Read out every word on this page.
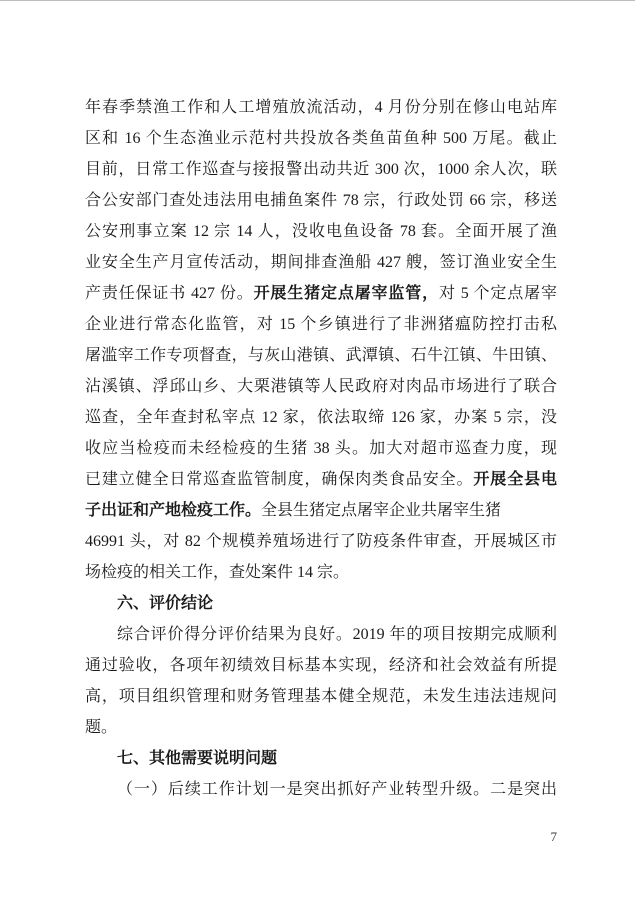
年春季禁渔工作和人工增殖放流活动，4 月份分别在修山电站库
区和 16 个生态渔业示范村共投放各类鱼苗鱼种 500 万尾。截止
目前，日常工作巡查与接报警出动共近 300 次，1000 余人次，联
合公安部门查处违法用电捕鱼案件 78 宗，行政处罚 66 宗，移送
公安刑事立案 12 宗 14 人，没收电鱼设备 78 套。全面开展了渔
业安全生产月宣传活动，期间排查渔船 427 艘，签订渔业安全生
产责任保证书 427 份。开展生猪定点屠宰监管，对 5 个定点屠宰
企业进行常态化监管，对 15 个乡镇进行了非洲猪瘟防控打击私
屠滥宰工作专项督查，与灰山港镇、武潭镇、石牛江镇、牛田镇、
沾溪镇、浮邱山乡、大栗港镇等人民政府对肉品市场进行了联合
巡查，全年查封私宰点 12 家，依法取缔 126 家，办案 5 宗，没
收应当检疫而未经检疫的生猪 38 头。加大对超市巡查力度，现
已建立健全日常巡查监管制度，确保肉类食品安全。开展全县电
子出证和产地检疫工作。全县生猪定点屠宰企业共屠宰生猪
46991 头，对 82 个规模养殖场进行了防疫条件审查，开展城区市
场检疫的相关工作，查处案件 14 宗。
六、评价结论
综合评价得分评价结果为良好。2019 年的项目按期完成顺利
通过验收，各项年初绩效目标基本实现，经济和社会效益有所提
高，项目组织管理和财务管理基本健全规范，未发生违法违规问
题。
七、其他需要说明问题
（一）后续工作计划一是突出抓好产业转型升级。二是突出
7
